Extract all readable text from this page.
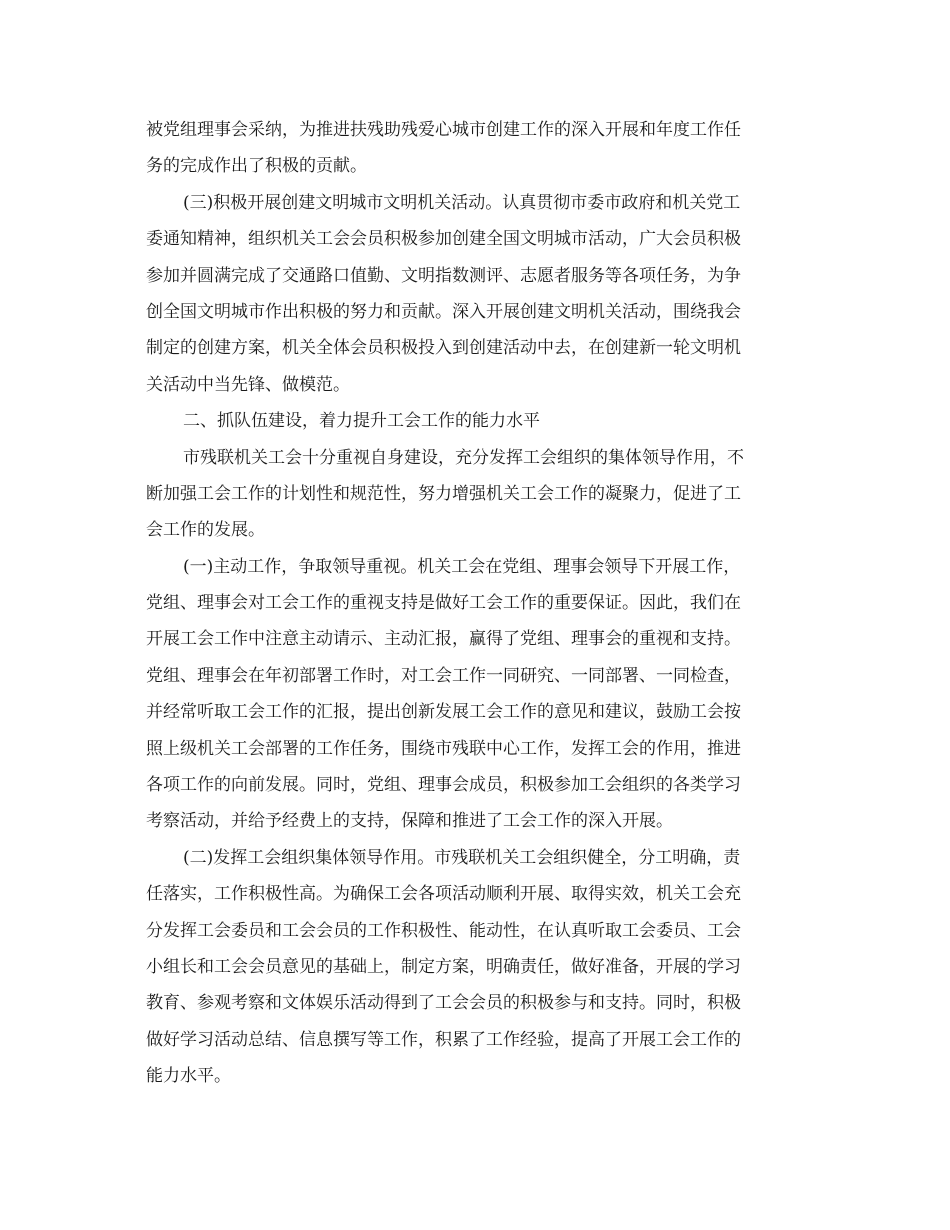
被党组理事会采纳，为推进扶残助残爱心城市创建工作的深入开展和年度工作任
务的完成作出了积极的贡献。
(三)积极开展创建文明城市文明机关活动。认真贯彻市委市政府和机关党工
委通知精神，组织机关工会会员积极参加创建全国文明城市活动，广大会员积极
参加并圆满完成了交通路口值勤、文明指数测评、志愿者服务等各项任务，为争
创全国文明城市作出积极的努力和贡献。深入开展创建文明机关活动，围绕我会
制定的创建方案，机关全体会员积极投入到创建活动中去，在创建新一轮文明机
关活动中当先锋、做模范。
二、抓队伍建设，着力提升工会工作的能力水平
市残联机关工会十分重视自身建设，充分发挥工会组织的集体领导作用，不
断加强工会工作的计划性和规范性，努力增强机关工会工作的凝聚力，促进了工
会工作的发展。
(一)主动工作，争取领导重视。机关工会在党组、理事会领导下开展工作，
党组、理事会对工会工作的重视支持是做好工会工作的重要保证。因此，我们在
开展工会工作中注意主动请示、主动汇报，赢得了党组、理事会的重视和支持。
党组、理事会在年初部署工作时，对工会工作一同研究、一同部署、一同检查，
并经常听取工会工作的汇报，提出创新发展工会工作的意见和建议，鼓励工会按
照上级机关工会部署的工作任务，围绕市残联中心工作，发挥工会的作用，推进
各项工作的向前发展。同时，党组、理事会成员，积极参加工会组织的各类学习
考察活动，并给予经费上的支持，保障和推进了工会工作的深入开展。
(二)发挥工会组织集体领导作用。市残联机关工会组织健全，分工明确，责
任落实，工作积极性高。为确保工会各项活动顺利开展、取得实效，机关工会充
分发挥工会委员和工会会员的工作积极性、能动性，在认真听取工会委员、工会
小组长和工会会员意见的基础上，制定方案，明确责任，做好准备，开展的学习
教育、参观考察和文体娱乐活动得到了工会会员的积极参与和支持。同时，积极
做好学习活动总结、信息撰写等工作，积累了工作经验，提高了开展工会工作的
能力水平。
